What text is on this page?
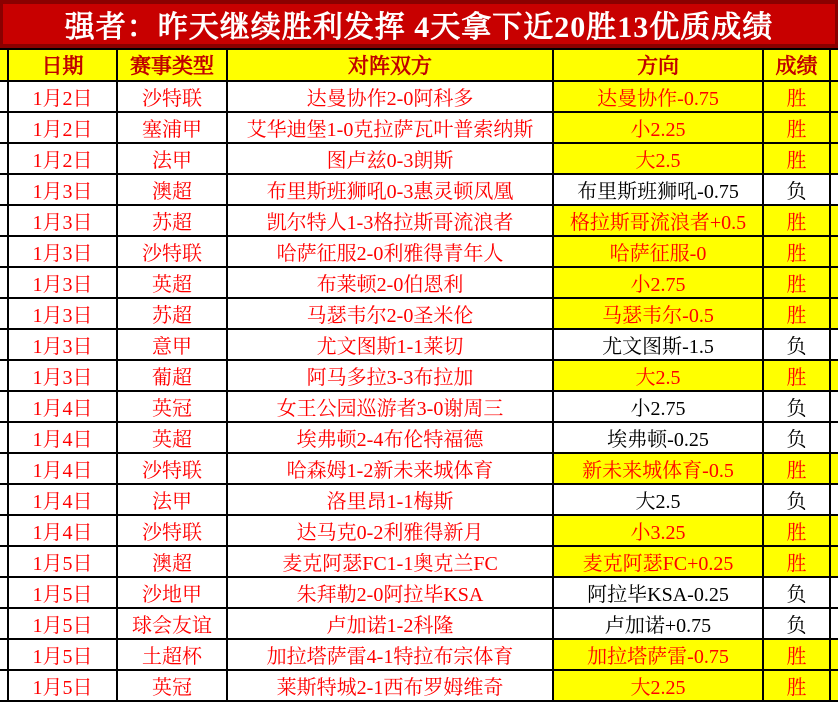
强者：昨天继续胜利发挥 4天拿下近20胜13优质成绩
	日期	赛事类型	对阵双方	方向	成绩	
	1月2日	沙特联	达曼协作2-0阿科多	达曼协作-0.75	胜	
	1月2日	塞浦甲	艾华迪堡1-0克拉萨瓦叶普索纳斯	小2.25	胜	
	1月2日	法甲	图卢兹0-3朗斯	大2.5	胜	
	1月3日	澳超	布里斯班狮吼0-3惠灵顿凤凰	布里斯班狮吼-0.75	负	
	1月3日	苏超	凯尔特人1-3格拉斯哥流浪者	格拉斯哥流浪者+0.5	胜	
	1月3日	沙特联	哈萨征服2-0利雅得青年人	哈萨征服-0	胜	
	1月3日	英超	布莱顿2-0伯恩利	小2.75	胜	
	1月3日	苏超	马瑟韦尔2-0圣米伦	马瑟韦尔-0.5	胜	
	1月3日	意甲	尤文图斯1-1莱切	尤文图斯-1.5	负	
	1月3日	葡超	阿马多拉3-3布拉加	大2.5	胜	
	1月4日	英冠	女王公园巡游者3-0谢周三	小2.75	负	
	1月4日	英超	埃弗顿2-4布伦特福德	埃弗顿-0.25	负	
	1月4日	沙特联	哈森姆1-2新未来城体育	新未来城体育-0.5	胜	
	1月4日	法甲	洛里昂1-1梅斯	大2.5	负	
	1月4日	沙特联	达马克0-2利雅得新月	小3.25	胜	
	1月5日	澳超	麦克阿瑟FC1-1奥克兰FC	麦克阿瑟FC+0.25	胜	
	1月5日	沙地甲	朱拜勒2-0阿拉毕KSA	阿拉毕KSA-0.25	负	
	1月5日	球会友谊	卢加诺1-2科隆	卢加诺+0.75	负	
	1月5日	土超杯	加拉塔萨雷4-1特拉布宗体育	加拉塔萨雷-0.75	胜	
	1月5日	英冠	莱斯特城2-1西布罗姆维奇	大2.25	胜	
